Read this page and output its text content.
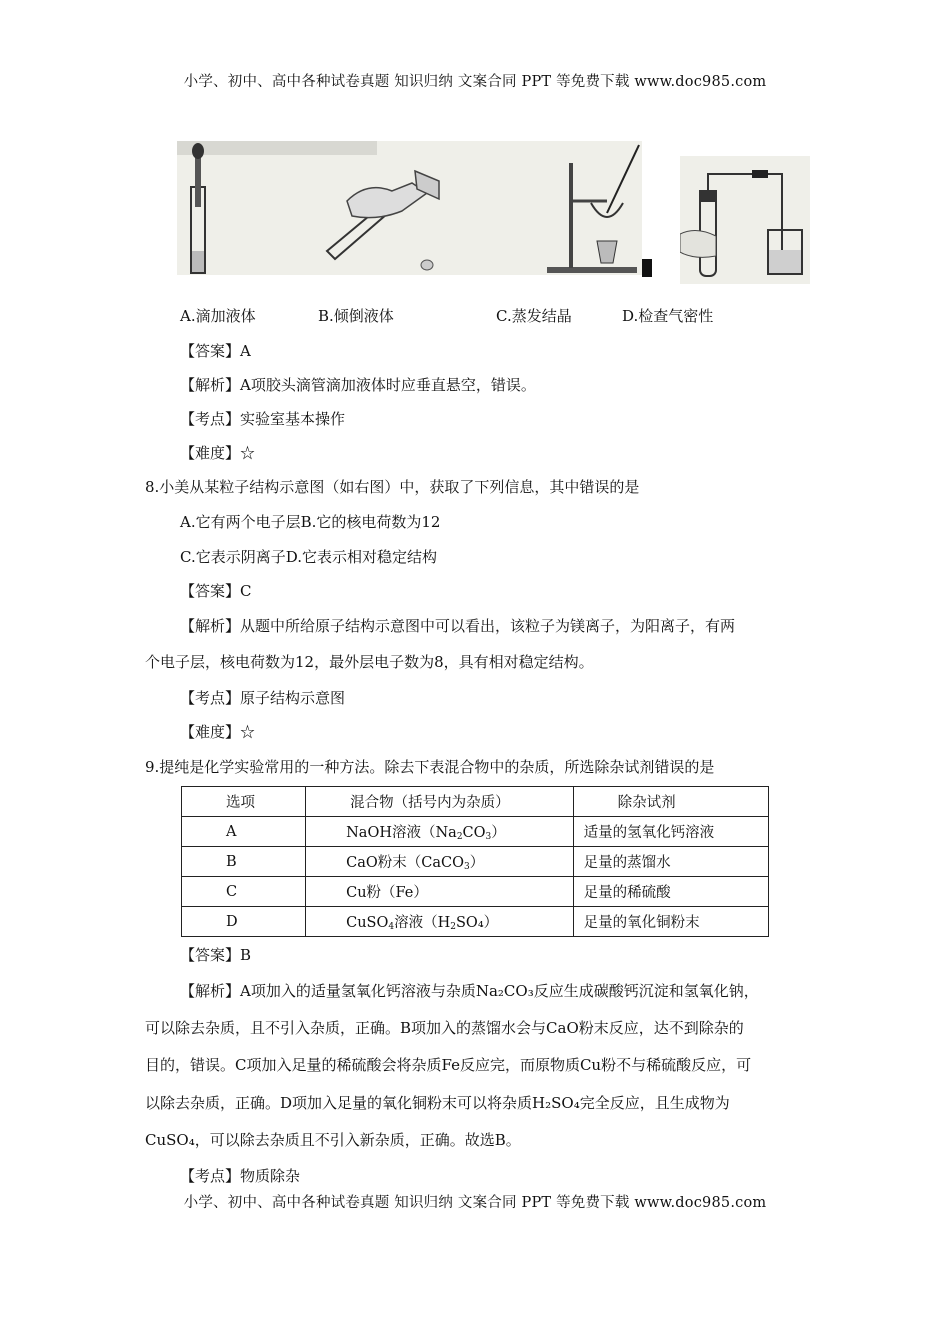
小学、初中、高中各种试卷真题 知识归纳 文案合同 PPT 等免费下载 www.doc985.com
A.滴加液体	B.倾倒液体	C.蒸发结晶	D.检查气密性
【答案】A
【解析】A项胶头滴管滴加液体时应垂直悬空，错误。
【考点】实验室基本操作
【难度】☆
8.小美从某粒子结构示意图（如右图）中，获取了下列信息，其中错误的是
A.它有两个电子层B.它的核电荷数为12
C.它表示阴离子D.它表示相对稳定结构
【答案】C
【解析】从题中所给原子结构示意图中可以看出，该粒子为镁离子，为阳离子，有两
个电子层，核电荷数为12，最外层电子数为8，具有相对稳定结构。
【考点】原子结构示意图
【难度】☆
9.提纯是化学实验常用的一种方法。除去下表混合物中的杂质，所选除杂试剂错误的是
选项	混合物（括号内为杂质）	除杂试剂
A	NaOH溶液$(Na_2CO_3)$	适量的氢氧化钙溶液
B	CaO粉末（CaCO$_3$）	足量的蒸馏水
C	Cu粉（Fe）	足量的稀硫酸
D	CuSO$_4$溶液$(H_2SO_4)$	足量的氧化铜粉末
【答案】B
【解析】A项加入的适量氢氧化钙溶液与杂质Na₂CO₃反应生成碳酸钙沉淀和氢氧化钠，
可以除去杂质，且不引入杂质，正确。B项加入的蒸馏水会与CaO粉末反应，达不到除杂的
目的，错误。C项加入足量的稀硫酸会将杂质Fe反应完，而原物质Cu粉不与稀硫酸反应，可
以除去杂质，正确。D项加入足量的氧化铜粉末可以将杂质H₂SO₄完全反应，且生成物为
CuSO₄，可以除去杂质且不引入新杂质，正确。故选B。
【考点】物质除杂
小学、初中、高中各种试卷真题 知识归纳 文案合同 PPT 等免费下载 www.doc985.com
